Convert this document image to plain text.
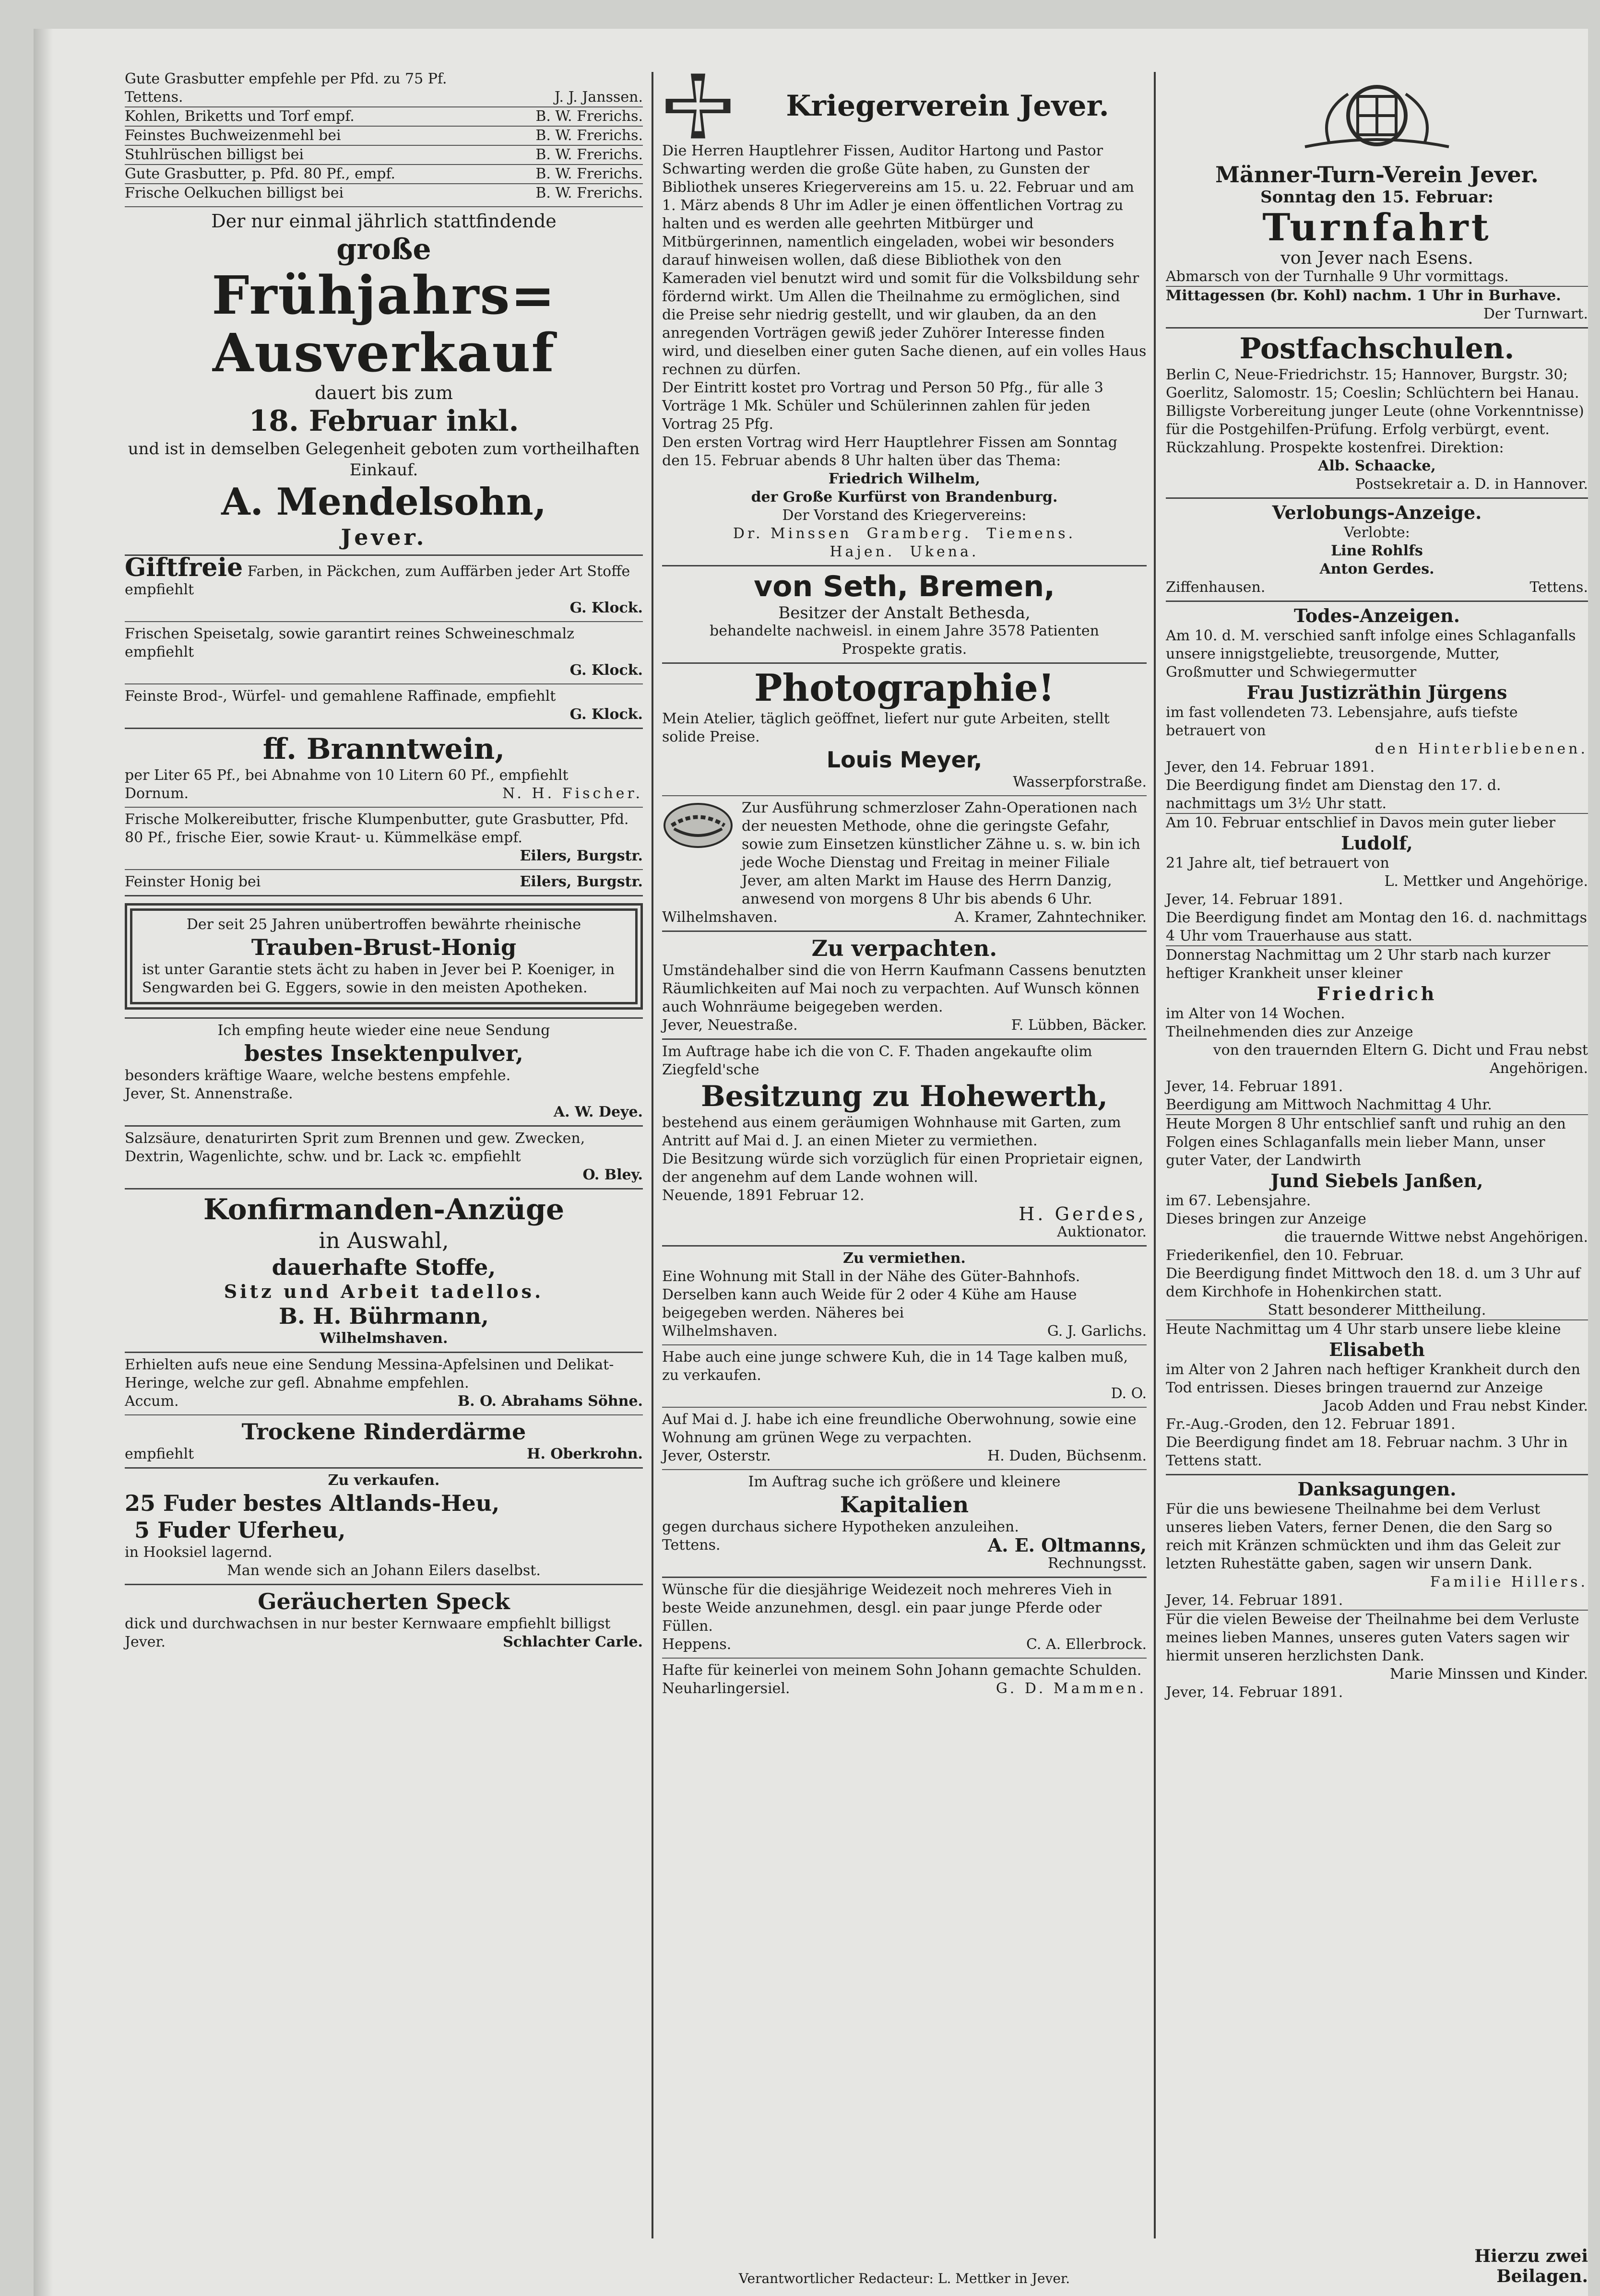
Gute Grasbutter empfehle per Pfd. zu 75 Pf.
Tettens.	J. J. Janssen.
Kohlen, Briketts und Torf empf.	B. W. Frerichs.
Feinstes Buchweizenmehl bei	B. W. Frerichs.
Stuhlrüschen billigst bei	B. W. Frerichs.
Gute Grasbutter, p. Pfd. 80 Pf., empf.	B. W. Frerichs.
Frische Oelkuchen billigst bei	B. W. Frerichs.
Der nur einmal jährlich stattfindende
große
Frühjahrs=
Ausverkauf
dauert bis zum
18. Februar inkl.
und ist in demselben Gelegenheit geboten zum vortheilhaften Einkauf.
A. Mendelsohn,
Jever.
Giftfreie Farben, in Päckchen, zum Auffärben jeder Art Stoffe empfiehlt
G. Klock.
Frischen Speisetalg, sowie garantirt reines Schweineschmalz empfiehlt
G. Klock.
Feinste Brod-, Würfel- und gemahlene Raffinade, empfiehlt
G. Klock.
ff. Branntwein,
per Liter 65 Pf., bei Abnahme von 10 Litern 60 Pf., empfiehlt
Dornum.	N. H. Fischer.
Frische Molkereibutter, frische Klumpenbutter, gute Grasbutter, Pfd. 80 Pf., frische Eier, sowie Kraut- u. Kümmelkäse empf.
Eilers, Burgstr.
Feinster Honig bei	Eilers, Burgstr.
Der seit 25 Jahren unübertroffen bewährte rheinische
Trauben-Brust-Honig
ist unter Garantie stets ächt zu haben in Jever bei P. Koeniger, in Sengwarden bei G. Eggers, sowie in den meisten Apotheken.
Ich empfing heute wieder eine neue Sendung
bestes Insektenpulver,
besonders kräftige Waare, welche bestens empfehle.
Jever, St. Annenstraße.
A. W. Deye.
Salzsäure, denaturirten Sprit zum Brennen und gew. Zwecken, Dextrin, Wagenlichte, schw. und br. Lack ꝛc. empfiehlt
O. Bley.
Konfirmanden-Anzüge
in Auswahl,
dauerhafte Stoffe,
Sitz und Arbeit tadellos.
B. H. Bührmann,
Wilhelmshaven.
Erhielten aufs neue eine Sendung Messina-Apfelsinen und Delikat-Heringe, welche zur gefl. Abnahme empfehlen.
Accum.	B. O. Abrahams Söhne.
Trockene Rinderdärme
empfiehlt	H. Oberkrohn.
Zu verkaufen.
25 Fuder bestes Altlands-Heu,
5 Fuder Uferheu,
in Hooksiel lagernd.
Man wende sich an Johann Eilers daselbst.
Geräucherten Speck
dick und durchwachsen in nur bester Kernwaare empfiehlt billigst
Jever.	Schlachter Carle.
Kriegerverein Jever.
Die Herren Hauptlehrer Fissen, Auditor Hartong und Pastor Schwarting werden die große Güte haben, zu Gunsten der Bibliothek unseres Kriegervereins am 15. u. 22. Februar und am 1. März abends 8 Uhr im Adler je einen öffentlichen Vortrag zu halten und es werden alle geehrten Mitbürger und Mitbürgerinnen, namentlich eingeladen, wobei wir besonders darauf hinweisen wollen, daß diese Bibliothek von den Kameraden viel benutzt wird und somit für die Volksbildung sehr fördernd wirkt. Um Allen die Theilnahme zu ermöglichen, sind die Preise sehr niedrig gestellt, und wir glauben, da an den anregenden Vorträgen gewiß jeder Zuhörer Interesse finden wird, und dieselben einer guten Sache dienen, auf ein volles Haus rechnen zu dürfen.
Der Eintritt kostet pro Vortrag und Person 50 Pfg., für alle 3 Vorträge 1 Mk. Schüler und Schülerinnen zahlen für jeden Vortrag 25 Pfg.
Den ersten Vortrag wird Herr Hauptlehrer Fissen am Sonntag den 15. Februar abends 8 Uhr halten über das Thema:
Friedrich Wilhelm,
der Große Kurfürst von Brandenburg.
Der Vorstand des Kriegervereins:
Dr. Minssen  Gramberg.  Tiemens.
Hajen.  Ukena.
von Seth, Bremen,
Besitzer der Anstalt Bethesda,
behandelte nachweisl. in einem Jahre 3578 Patienten
Prospekte gratis.
Photographie!
Mein Atelier, täglich geöffnet, liefert nur gute Arbeiten, stellt solide Preise.
Louis Meyer,
Wasserpforstraße.
Zur Ausführung schmerzloser Zahn-Operationen nach der neuesten Methode, ohne die geringste Gefahr, sowie zum Einsetzen künstlicher Zähne u. s. w. bin ich jede Woche Dienstag und Freitag in meiner Filiale Jever, am alten Markt im Hause des Herrn Danzig, anwesend von morgens 8 Uhr bis abends 6 Uhr.
Wilhelmshaven.	A. Kramer, Zahntechniker.
Zu verpachten.
Umständehalber sind die von Herrn Kaufmann Cassens benutzten Räumlichkeiten auf Mai noch zu verpachten. Auf Wunsch können auch Wohnräume beigegeben werden.
Jever, Neuestraße.	F. Lübben, Bäcker.
Im Auftrage habe ich die von C. F. Thaden angekaufte olim Ziegfeld'sche
Besitzung zu Hohewerth,
bestehend aus einem geräumigen Wohnhause mit Garten, zum Antritt auf Mai d. J. an einen Mieter zu vermiethen.
Die Besitzung würde sich vorzüglich für einen Proprietair eignen, der angenehm auf dem Lande wohnen will.
Neuende, 1891 Februar 12.
H. Gerdes,
Auktionator.
Zu vermiethen.
Eine Wohnung mit Stall in der Nähe des Güter-Bahnhofs. Derselben kann auch Weide für 2 oder 4 Kühe am Hause beigegeben werden. Näheres bei
Wilhelmshaven.	G. J. Garlichs.
Habe auch eine junge schwere Kuh, die in 14 Tage kalben muß, zu verkaufen.
D. O.
Auf Mai d. J. habe ich eine freundliche Oberwohnung, sowie eine Wohnung am grünen Wege zu verpachten.
Jever, Osterstr.	H. Duden, Büchsenm.
Im Auftrag suche ich größere und kleinere
Kapitalien
gegen durchaus sichere Hypotheken anzuleihen.
Tettens.	A. E. Oltmanns,
Rechnungsst.
Wünsche für die diesjährige Weidezeit noch mehreres Vieh in beste Weide anzunehmen, desgl. ein paar junge Pferde oder Füllen.
Heppens.	C. A. Ellerbrock.
Hafte für keinerlei von meinem Sohn Johann gemachte Schulden.
Neuharlingersiel.	G. D. Mammen.
Männer-Turn-Verein Jever.
Sonntag den 15. Februar:
Turnfahrt
von Jever nach Esens.
Abmarsch von der Turnhalle 9 Uhr vormittags.
Mittagessen (br. Kohl) nachm. 1 Uhr in Burhave.
Der Turnwart.
Postfachschulen.
Berlin C, Neue-Friedrichstr. 15; Hannover, Burgstr. 30; Goerlitz, Salomostr. 15; Coeslin; Schlüchtern bei Hanau. Billigste Vorbereitung junger Leute (ohne Vorkenntnisse) für die Postgehilfen-Prüfung. Erfolg verbürgt, event. Rückzahlung. Prospekte kostenfrei. Direktion:
Alb. Schaacke,
Postsekretair a. D. in Hannover.
Verlobungs-Anzeige.
Verlobte:
Line Rohlfs
Anton Gerdes.
Ziffenhausen.	Tettens.
Todes-Anzeigen.
Am 10. d. M. verschied sanft infolge eines Schlaganfalls unsere innigstgeliebte, treusorgende, Mutter, Großmutter und Schwiegermutter
Frau Justizräthin Jürgens
im fast vollendeten 73. Lebensjahre, aufs tiefste betrauert von
den Hinterbliebenen.
Jever, den 14. Februar 1891.
Die Beerdigung findet am Dienstag den 17. d. nachmittags um 3½ Uhr statt.
Am 10. Februar entschlief in Davos mein guter lieber
Ludolf,
21 Jahre alt, tief betrauert von
L. Mettker und Angehörige.
Jever, 14. Februar 1891.
Die Beerdigung findet am Montag den 16. d. nachmittags 4 Uhr vom Trauerhause aus statt.
Donnerstag Nachmittag um 2 Uhr starb nach kurzer heftiger Krankheit unser kleiner
Friedrich
im Alter von 14 Wochen.
Theilnehmenden dies zur Anzeige
von den trauernden Eltern G. Dicht und Frau nebst Angehörigen.
Jever, 14. Februar 1891.
Beerdigung am Mittwoch Nachmittag 4 Uhr.
Heute Morgen 8 Uhr entschlief sanft und ruhig an den Folgen eines Schlaganfalls mein lieber Mann, unser guter Vater, der Landwirth
Jund Siebels Janßen,
im 67. Lebensjahre.
Dieses bringen zur Anzeige
die trauernde Wittwe nebst Angehörigen.
Friederikenfiel, den 10. Februar.
Die Beerdigung findet Mittwoch den 18. d. um 3 Uhr auf dem Kirchhofe in Hohenkirchen statt.
Statt besonderer Mittheilung.
Heute Nachmittag um 4 Uhr starb unsere liebe kleine
Elisabeth
im Alter von 2 Jahren nach heftiger Krankheit durch den Tod entrissen. Dieses bringen trauernd zur Anzeige
Jacob Adden und Frau nebst Kinder.
Fr.-Aug.-Groden, den 12. Februar 1891.
Die Beerdigung findet am 18. Februar nachm. 3 Uhr in Tettens statt.
Danksagungen.
Für die uns bewiesene Theilnahme bei dem Verlust unseres lieben Vaters, ferner Denen, die den Sarg so reich mit Kränzen schmückten und ihm das Geleit zur letzten Ruhestätte gaben, sagen wir unsern Dank.
Familie Hillers.
Jever, 14. Februar 1891.
Für die vielen Beweise der Theilnahme bei dem Verluste meines lieben Mannes, unseres guten Vaters sagen wir hiermit unseren herzlichsten Dank.
Marie Minssen und Kinder.
Jever, 14. Februar 1891.
Verantwortlicher Redacteur: L. Mettker in Jever.
Hierzu zwei Beilagen.
